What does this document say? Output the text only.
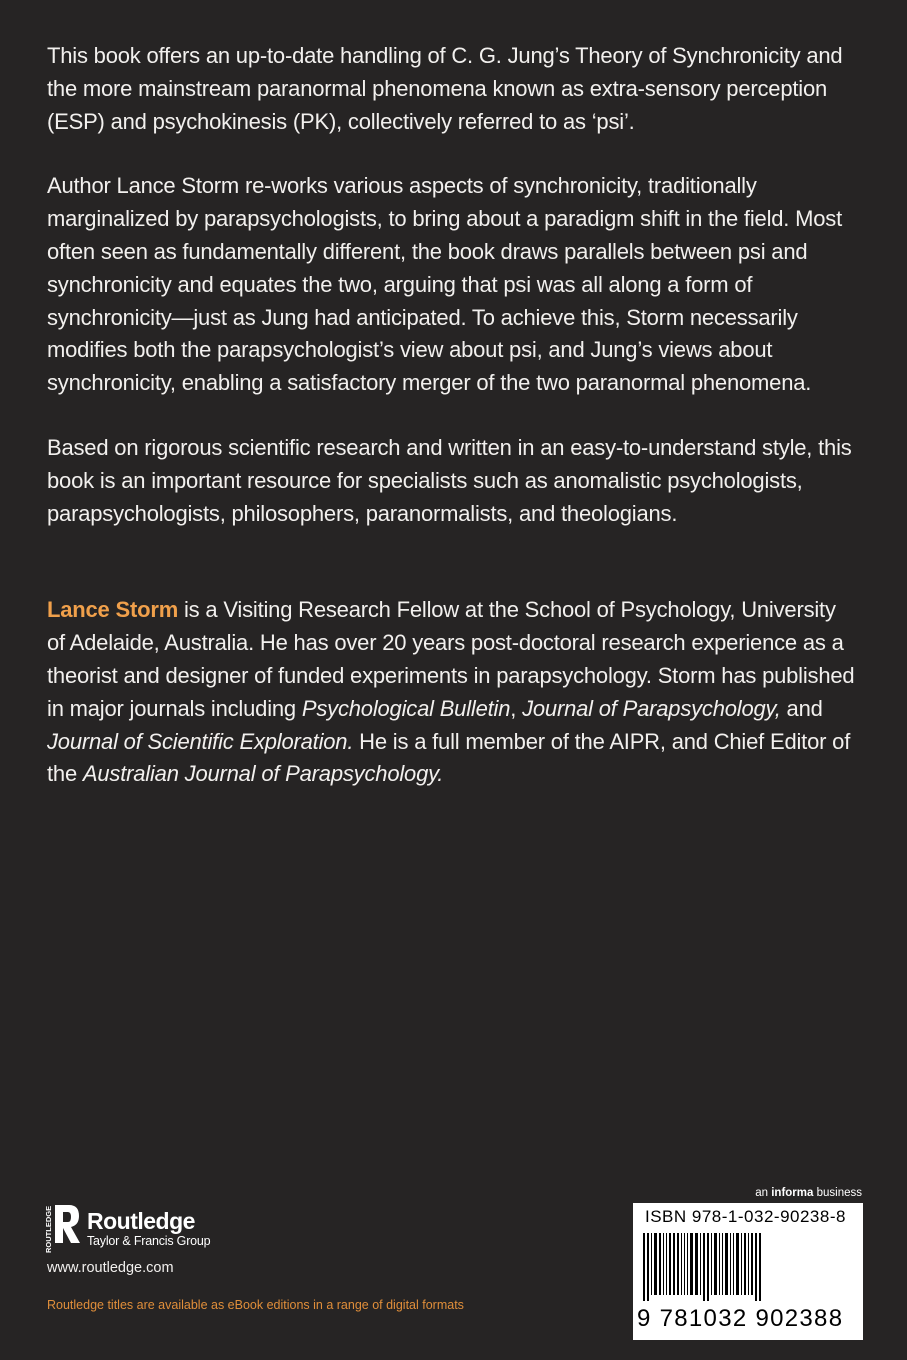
This book offers an up-to-date handling of C. G. Jung’s Theory of Synchronicity and the more mainstream paranormal phenomena known as extra-sensory perception (ESP) and psychokinesis (PK), collectively referred to as ‘psi’.

Author Lance Storm re-works various aspects of synchronicity, traditionally marginalized by parapsychologists, to bring about a paradigm shift in the field. Most often seen as fundamentally different, the book draws parallels between psi and synchronicity and equates the two, arguing that psi was all along a form of synchronicity—just as Jung had anticipated. To achieve this, Storm necessarily modifies both the parapsychologist’s view about psi, and Jung’s views about synchronicity, enabling a satisfactory merger of the two paranormal phenomena.

Based on rigorous scientific research and written in an easy-to-understand style, this book is an important resource for specialists such as anomalistic psychologists, parapsychologists, philosophers, paranormalists, and theologians.

Lance Storm is a Visiting Research Fellow at the School of Psychology, University of Adelaide, Australia. He has over 20 years post-doctoral research experience as a theorist and designer of funded experiments in parapsychology. Storm has published in major journals including Psychological Bulletin, Journal of Parapsychology, and Journal of Scientific Exploration. He is a full member of the AIPR, and Chief Editor of the Australian Journal of Parapsychology.

ROUTLEDGE Routledge
Taylor & Francis Group
www.routledge.com
Routledge titles are available as eBook editions in a range of digital formats
an informa business
ISBN 978-1-032-90238-8
9 781032 902388
